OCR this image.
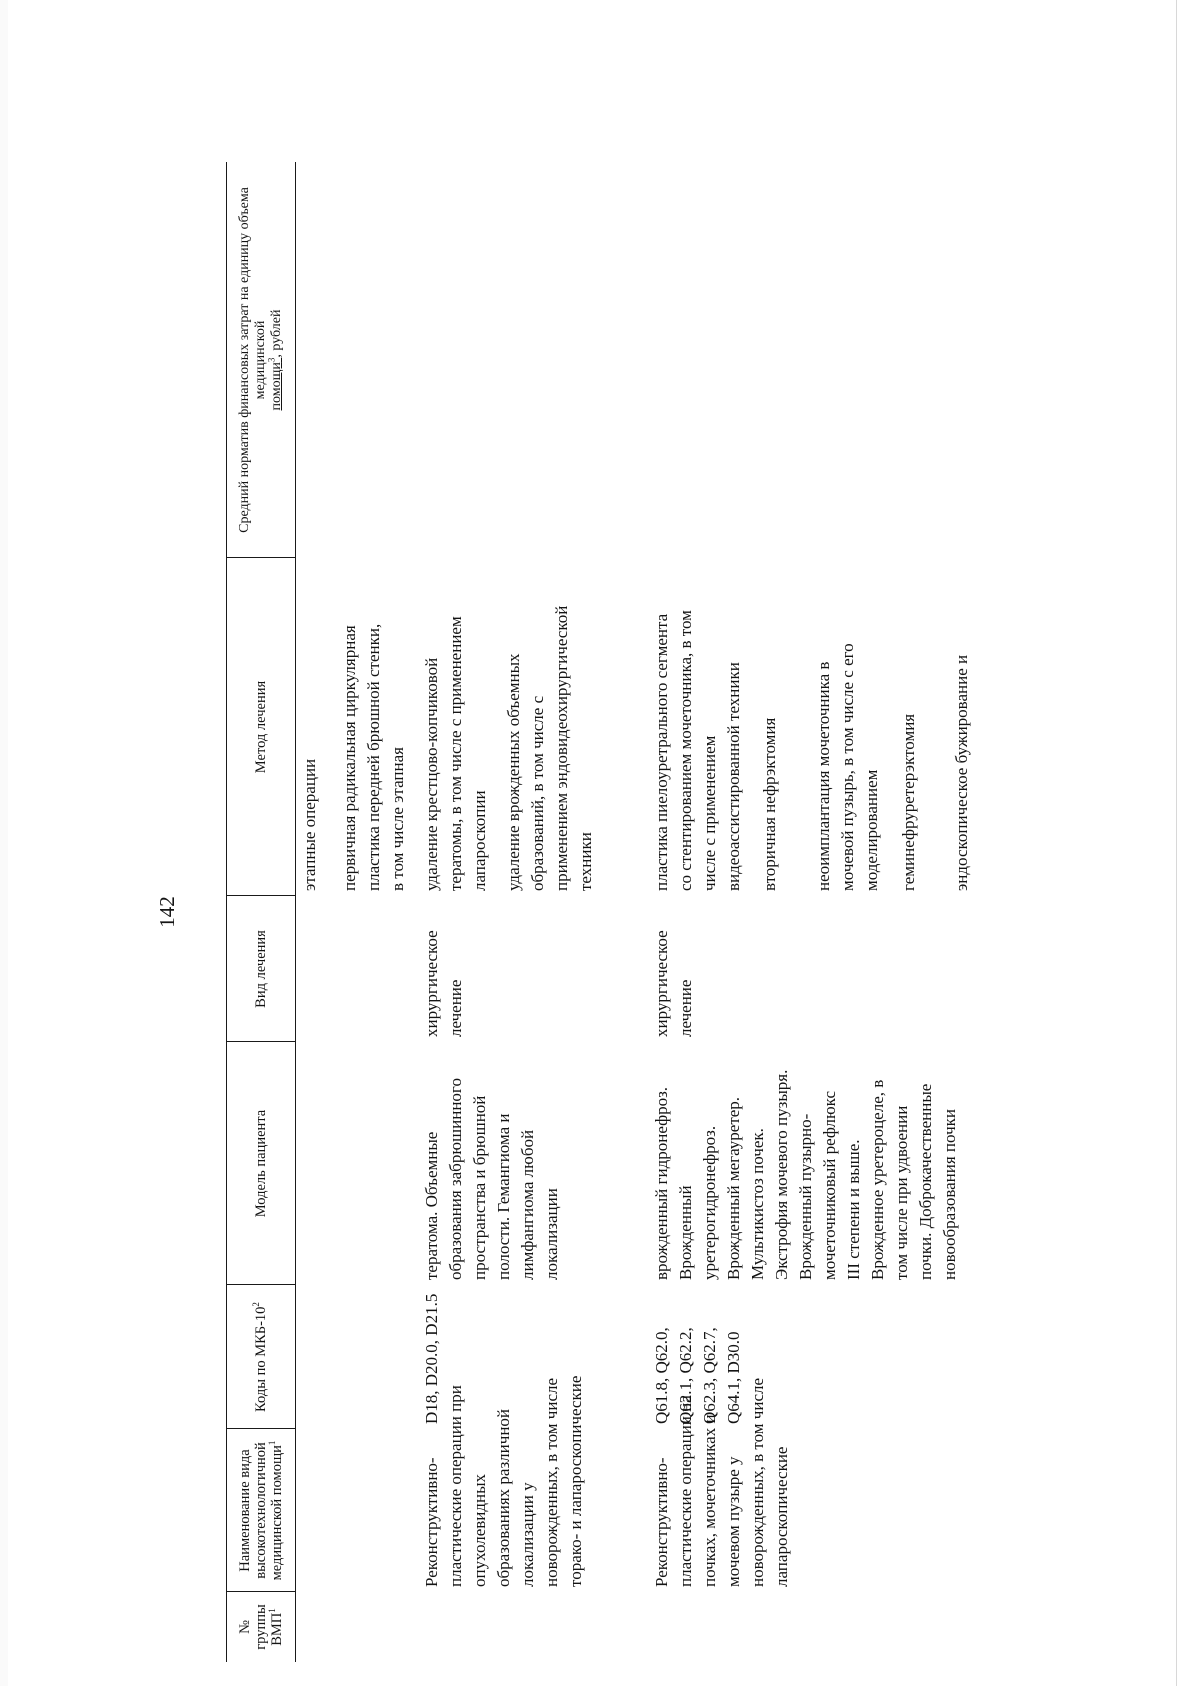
142
№ группы ВМП$^1$
Наименование вида высокотехнологичной медицинской помощи$^1$
Коды по МКБ-$10^2$
Модель пациента
Вид лечения
Метод лечения
Средний норматив финансовых затрат на единицу объема медицинской
помощи$^3$, рублей
этапные операции первичная радикальная циркулярная
пластика передней брюшной стенки,
в том числе этапная
Реконструктивно-
пластические операции при
опухолевидных
образованиях различной
локализации у
новорожденных, в том числе
торако- и лапароскопические
D18, D20.0, D21.5
тератома. Объемные
образования забрюшинного
пространства и брюшной
полости. Гемангиома и
лимфангиома любой
локализации
хирургическое
лечение
удаление крестцово-копчиковой
тератомы, в том числе с применением
лапароскопии удаление врожденных объемных
образований, в том числе с
применением эндовидеохирургической
техники
Реконструктивно-
пластические операции на
почках, мочеточниках и
мочевом пузыре у
новорожденных, в том числе
лапароскопические
Q61.8, Q62.0,
Q62.1, Q62.2,
Q62.3, Q62.7,
Q64.1, D30.0
врожденный гидронефроз.
Врожденный
уретерогидронефроз.
Врожденный мегауретер.
Мультикистоз почек.
Экстрофия мочевого пузыря.
Врожденный пузырно-
мочеточниковый рефлюкс
III степени и выше.
Врожденное уретероцеле, в
том числе при удвоении
почки. Доброкачественные
новообразования почки
хирургическое
лечение
пластика пиелоуретрального сегмента
со стентированием мочеточника, в том
числе с применением
видеоассистированной техники
вторичная нефрэктомия неоимплантация мочеточника в
мочевой пузырь, в том числе с его
моделированием геминефруретерэктомия эндоскопическое бужирование и
